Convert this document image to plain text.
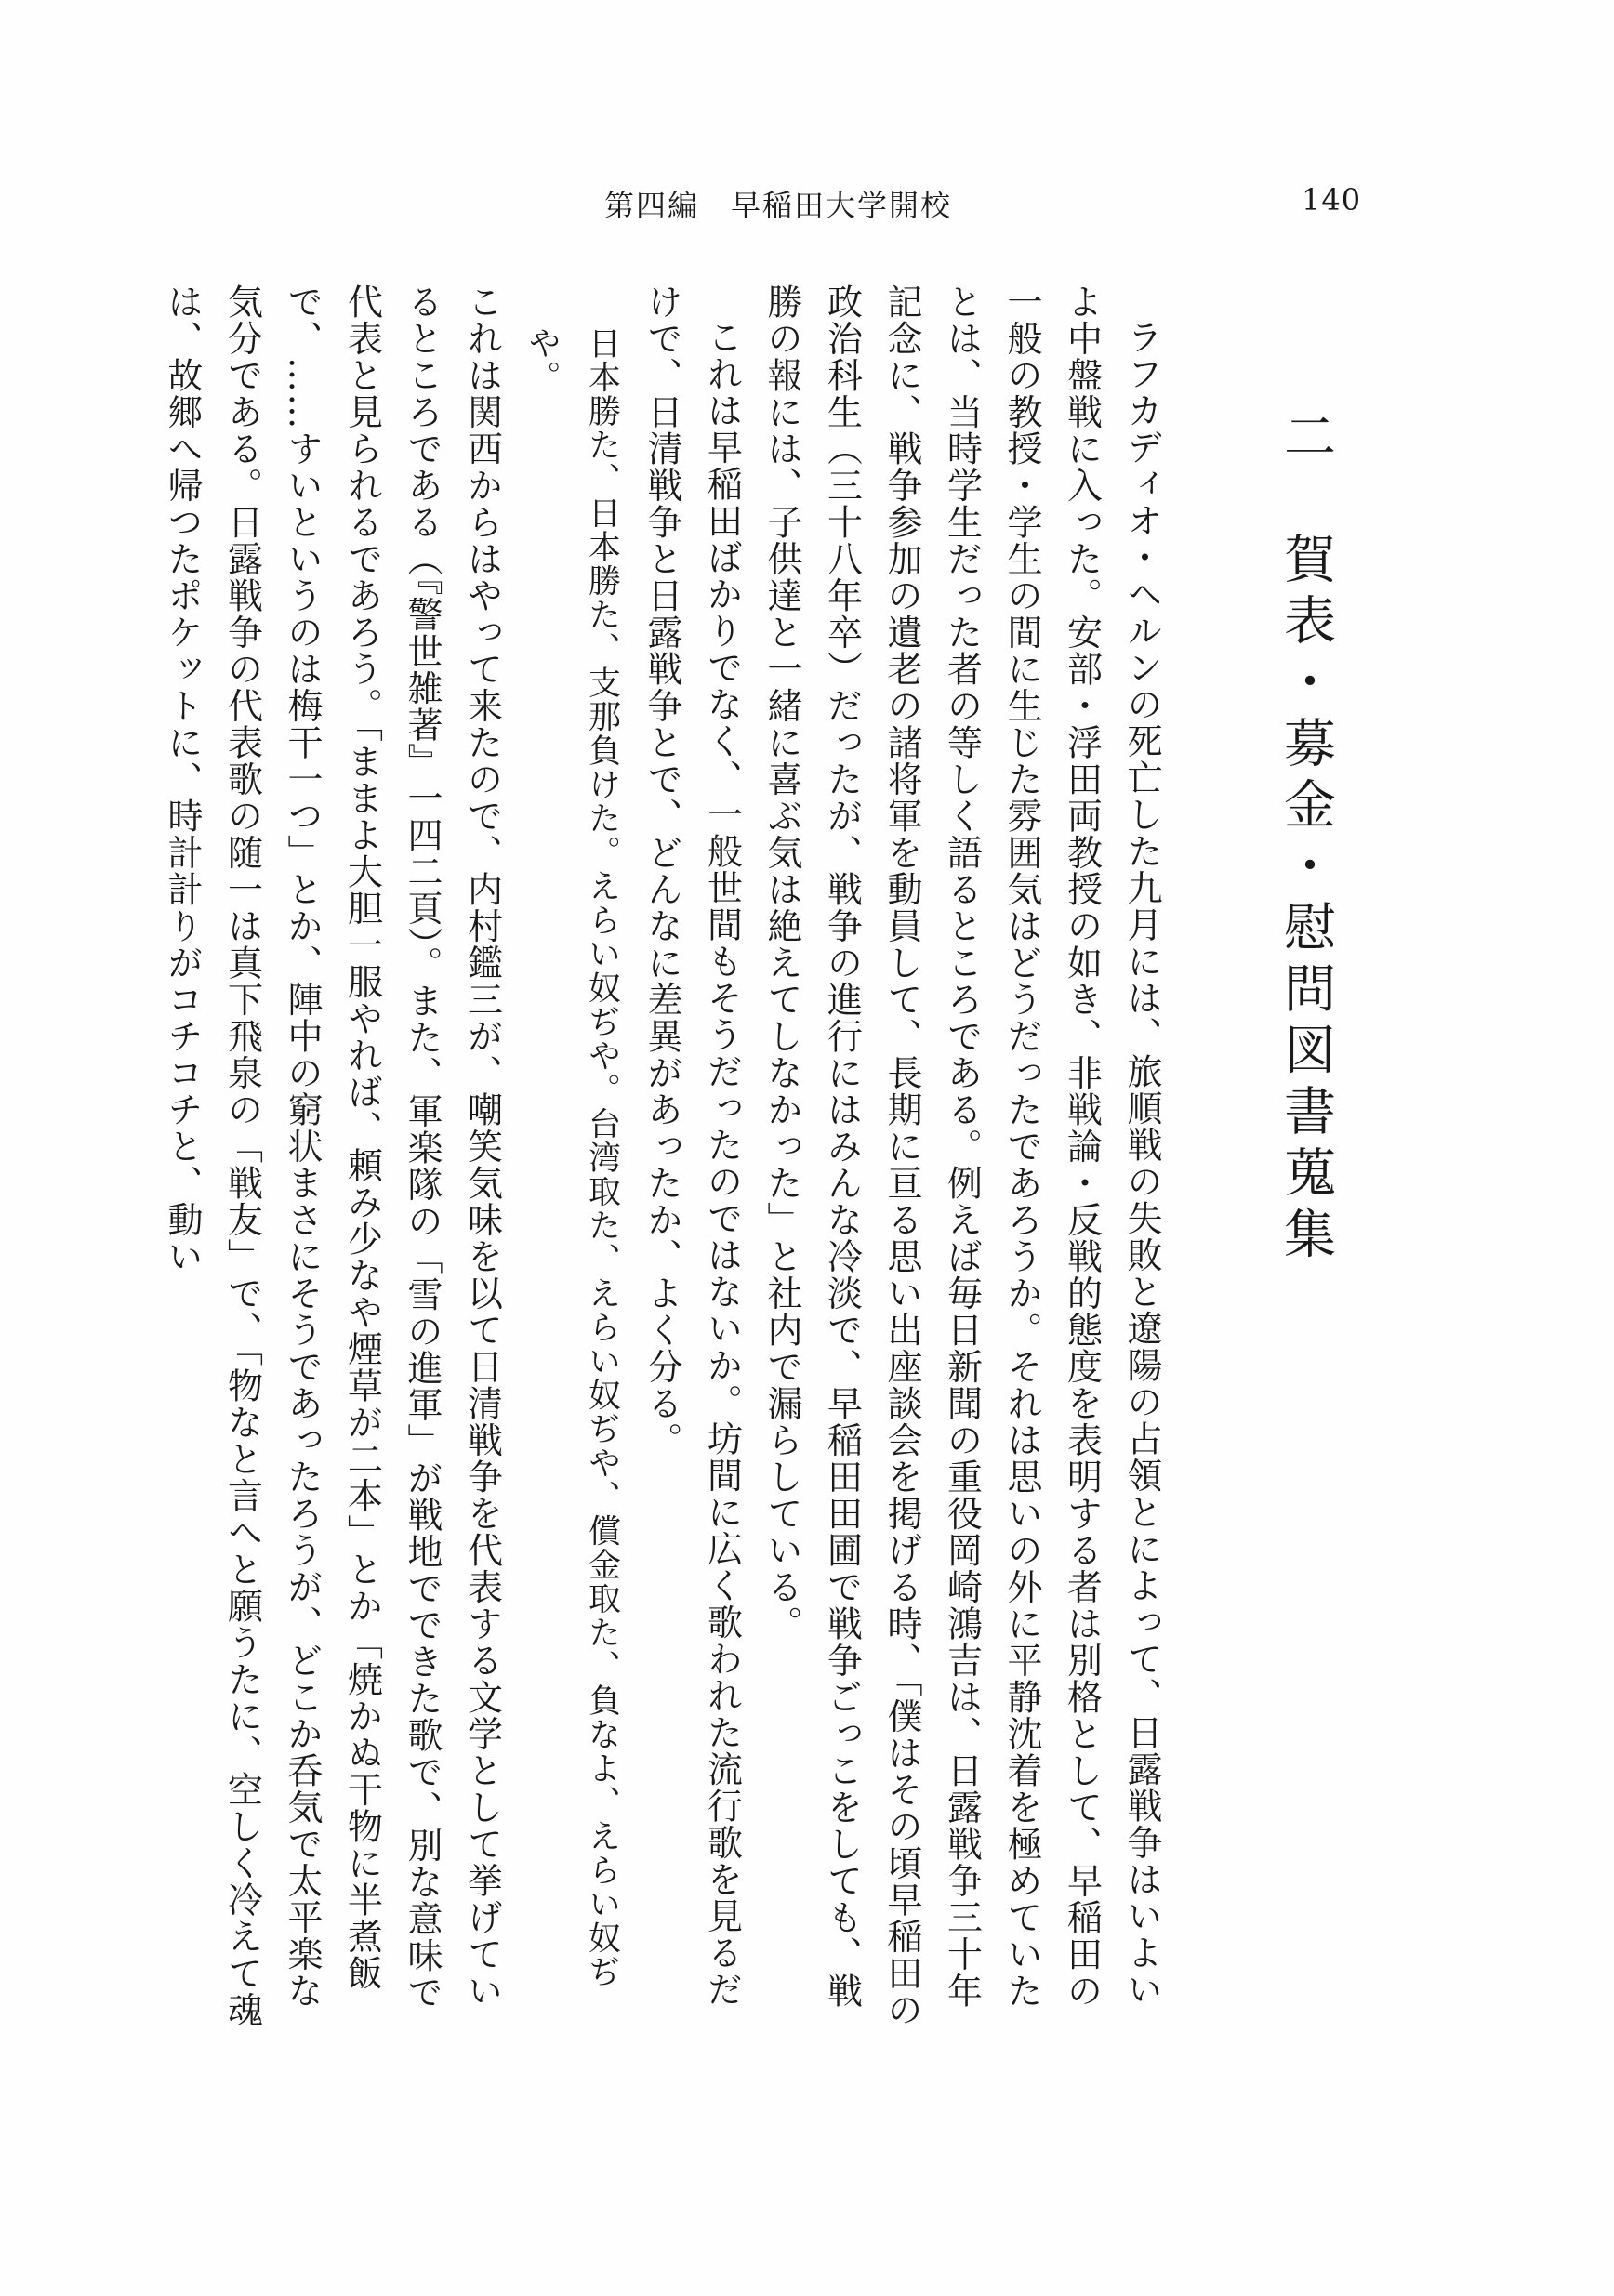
第四編　早稲田大学開校	140
二　賀表・募金・慰問図書蒐集

ラフカディオ・ヘルンの死亡した九月には、旅順戦の失敗と遼陽の占領とによって、日露戦争はいよいよ中盤戦に入った。安部・浮田両教授の如き、非戦論・反戦的態度を表明する者は別格として、早稲田の一般の教授・学生の間に生じた雰囲気はどうだったであろうか。それは思いの外に平静沈着を極めていたとは、当時学生だった者の等しく語るところである。例えば毎日新聞の重役岡崎鴻吉は、日露戦争三十年記念に、戦争参加の遺老の諸将軍を動員して、長期に亘る思い出座談会を掲げる時、「僕はその頃早稲田の政治科生（三十八年卒）だったが、戦争の進行にはみんな冷淡で、早稲田田圃で戦争ごっこをしても、戦勝の報には、子供達と一緒に喜ぶ気は絶えてしなかった」と社内で漏らしている。

これは早稲田ばかりでなく、一般世間もそうだったのではないか。坊間に広く歌われた流行歌を見るだけで、日清戦争と日露戦争とで、どんなに差異があったか、よく分る。

日本勝た、日本勝た、支那負けた。えらい奴ぢや。台湾取た、えらい奴ぢや、償金取た、負なよ、えらい奴ぢや。

これは関西からはやって来たので、内村鑑三が、嘲笑気味を以て日清戦争を代表する文学として挙げているところである（『警世雑著』一四二頁）。また、軍楽隊の「雪の進軍」が戦地でできた歌で、別な意味で代表と見られるであろう。「ままよ大胆一服やれば、頼み少なや煙草が二本」とか「焼かぬ干物に半煮飯で、……すいというのは梅干一つ」とか、陣中の窮状まさにそうであったろうが、どこか呑気で太平楽な気分である。日露戦争の代表歌の随一は真下飛泉の「戦友」で、「物なと言へと願うたに、空しく冷えて魂は、故郷へ帰つたポケットに、時計計りがコチコチと、動い
